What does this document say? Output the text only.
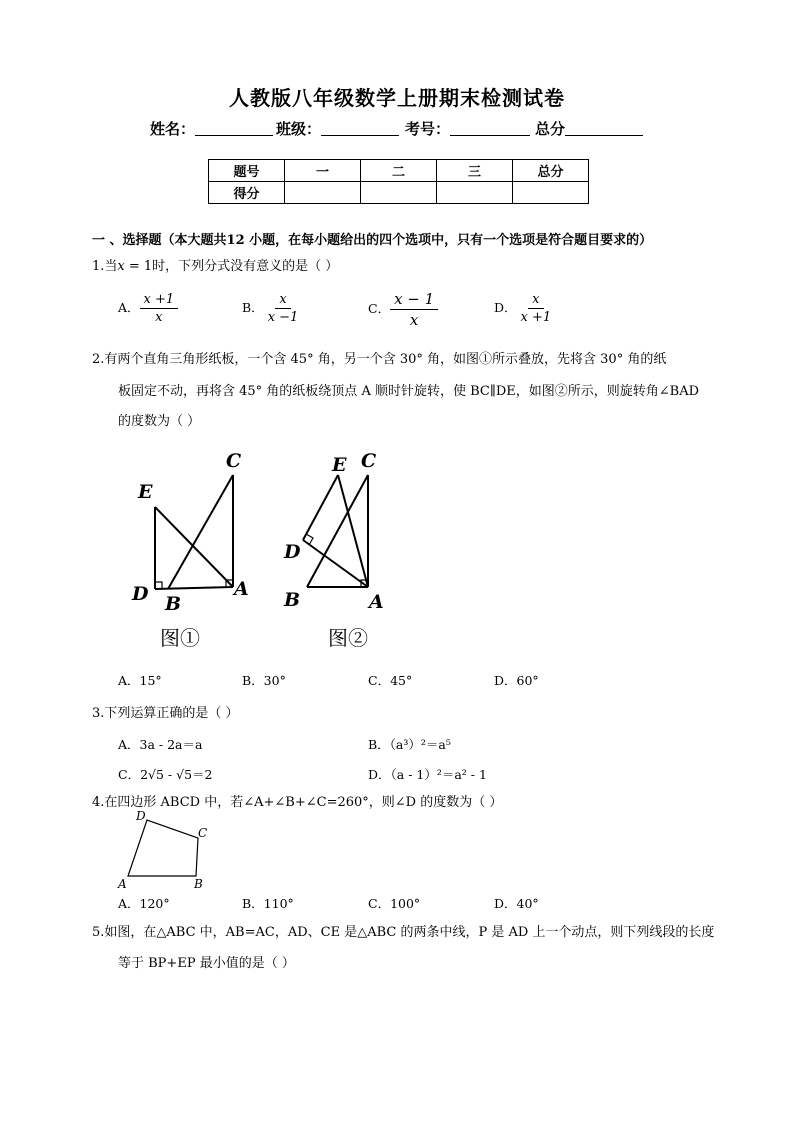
人教版八年级数学上册期末检测试卷
姓名：	班级：	考号：	总分
题号	一	二	三	总分
得分				
一 、选择题（本大题共12 小题，在每小题给出的四个选项中，只有一个选项是符合题目要求的）
1.当x = 1时，下列分式没有意义的是（ ）
A． $\frac{x +1}{x}$	B． $\frac{x}{x -1}$	C． $\frac{x - 1}{x}$	D． $\frac{x}{x +1}$
2.有两个直角三角形纸板，一个含 45° 角，另一个含 30° 角，如图①所示叠放，先将含 30° 角的纸
板固定不动，再将含 45° 角的纸板绕顶点 A 顺时针旋转，使 BC∥DE，如图②所示，则旋转角∠BAD
的度数为（ ）
C
E
D B
A
图①
C
E
D
B	A
图②
A．15°	B．30°	C．45°	D．60°
3.下列运算正确的是（ ）
A．3a - 2a＝a	B．（a³）²＝a⁵
C．2√5 - √5＝2	D．（a - 1）²＝a² - 1
4.在四边形 ABCD 中，若∠A+∠B+∠C=260°，则∠D 的度数为（ ）
D
C
A	B
A．120°	B．110°	C．100°	D．40°
5.如图，在△ABC 中，AB=AC，AD、CE 是△ABC 的两条中线，P 是 AD 上一个动点，则下列线段的长度
等于 BP+EP 最小值的是（ ）
